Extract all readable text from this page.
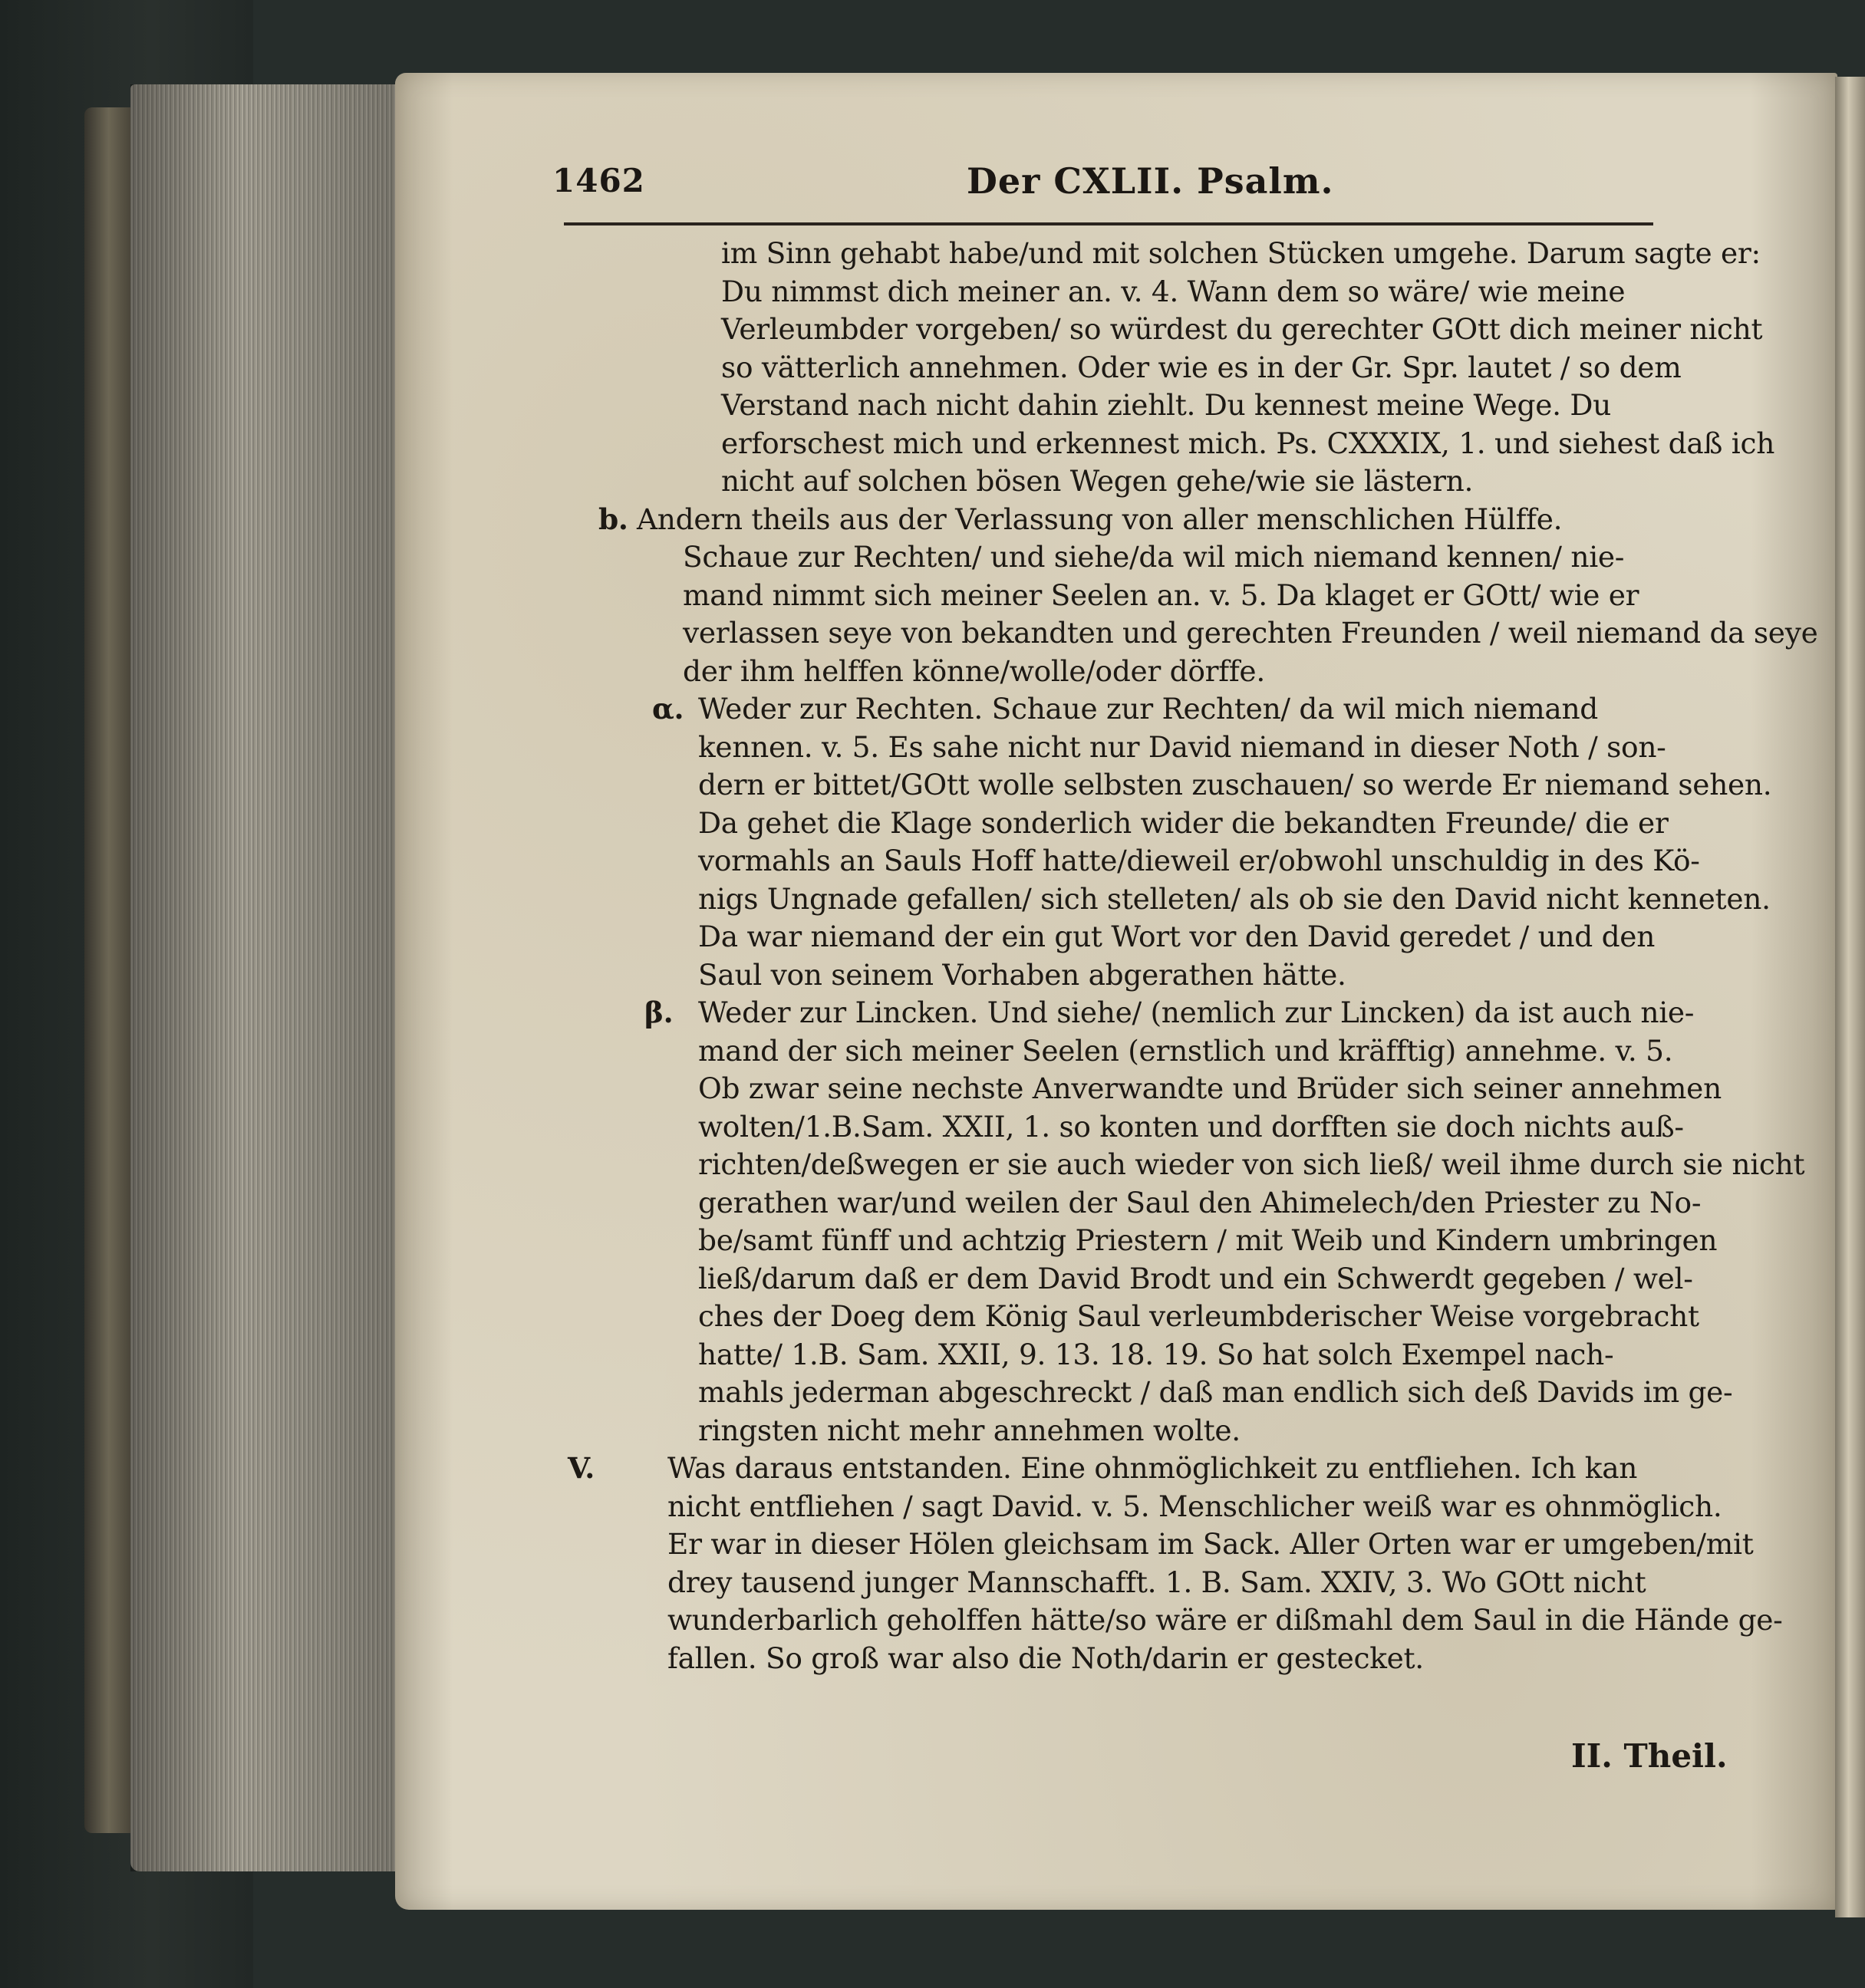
1462	Der CXLII. Psalm.
im Sinn gehabt habe/und mit solchen Stücken umgehe. Darum sagte er:
Du nimmst dich meiner an. v. 4. Wann dem so wäre/ wie meine
Verleumbder vorgeben/ so würdest du gerechter GOtt dich meiner nicht
so vätterlich annehmen. Oder wie es in der Gr. Spr. lautet / so dem
Verstand nach nicht dahin ziehlt. Du kennest meine Wege. Du
erforschest mich und erkennest mich. Ps. CXXXIX, 1. und siehest daß ich
nicht auf solchen bösen Wegen gehe/wie sie lästern.
b. Andern theils aus der Verlassung von aller menschlichen Hülffe.
Schaue zur Rechten/ und siehe/da wil mich niemand kennen/ nie-
mand nimmt sich meiner Seelen an. v. 5. Da klaget er GOtt/ wie er
verlassen seye von bekandten und gerechten Freunden / weil niemand da seye
der ihm helffen könne/wolle/oder dörffe.
α. Weder zur Rechten. Schaue zur Rechten/ da wil mich niemand
kennen. v. 5. Es sahe nicht nur David niemand in dieser Noth / son-
dern er bittet/GOtt wolle selbsten zuschauen/ so werde Er niemand sehen.
Da gehet die Klage sonderlich wider die bekandten Freunde/ die er
vormahls an Sauls Hoff hatte/dieweil er/obwohl unschuldig in des Kö-
nigs Ungnade gefallen/ sich stelleten/ als ob sie den David nicht kenneten.
Da war niemand der ein gut Wort vor den David geredet / und den
Saul von seinem Vorhaben abgerathen hätte.
β. Weder zur Lincken. Und siehe/ (nemlich zur Lincken) da ist auch nie-
mand der sich meiner Seelen (ernstlich und kräfftig) annehme. v. 5.
Ob zwar seine nechste Anverwandte und Brüder sich seiner annehmen
wolten/1.B.Sam. XXII, 1. so konten und dorfften sie doch nichts auß-
richten/deßwegen er sie auch wieder von sich ließ/ weil ihme durch sie nicht
gerathen war/und weilen der Saul den Ahimelech/den Priester zu No-
be/samt fünff und achtzig Priestern / mit Weib und Kindern umbringen
ließ/darum daß er dem David Brodt und ein Schwerdt gegeben / wel-
ches der Doeg dem König Saul verleumbderischer Weise vorgebracht
hatte/ 1.B. Sam. XXII, 9. 13. 18. 19. So hat solch Exempel nach-
mahls jederman abgeschreckt / daß man endlich sich deß Davids im ge-
ringsten nicht mehr annehmen wolte.
V.	Was daraus entstanden. Eine ohnmöglichkeit zu entfliehen. Ich kan
nicht entfliehen / sagt David. v. 5. Menschlicher weiß war es ohnmöglich.
Er war in dieser Hölen gleichsam im Sack. Aller Orten war er umgeben/mit
drey tausend junger Mannschafft. 1. B. Sam. XXIV, 3. Wo GOtt nicht
wunderbarlich geholffen hätte/so wäre er dißmahl dem Saul in die Hände ge-
fallen. So groß war also die Noth/darin er gestecket.
II. Theil.
